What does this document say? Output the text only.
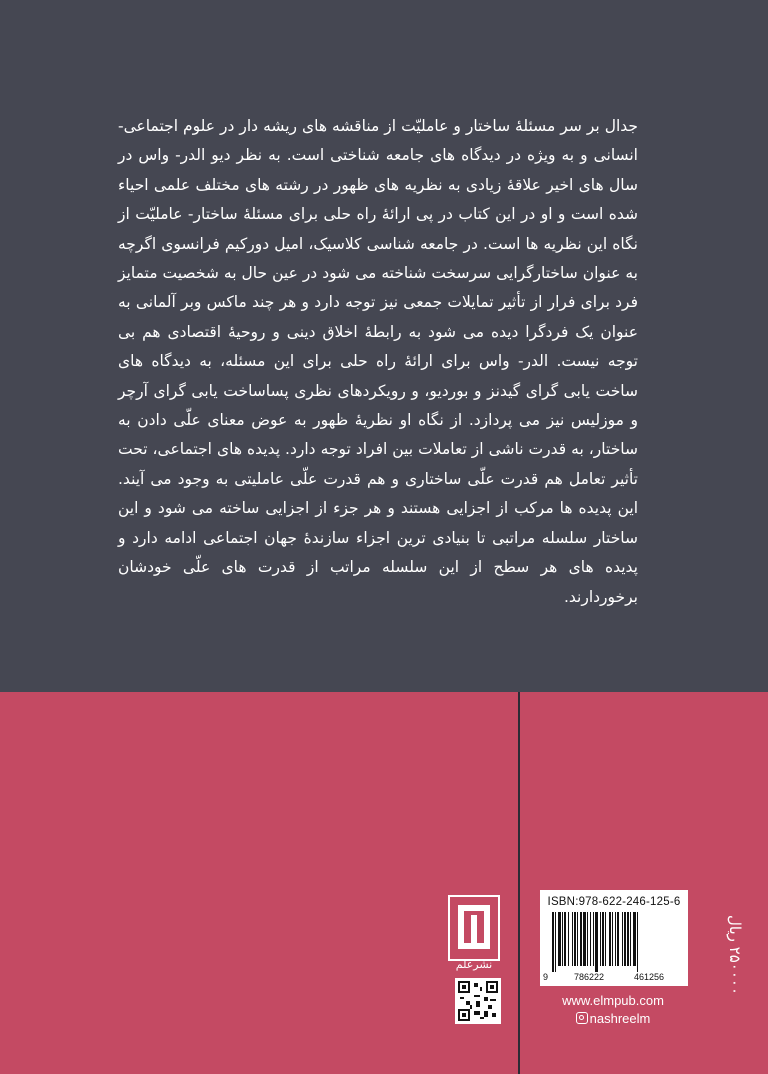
جدال بر سر مسئلهٔ ساختار و عاملیّت از مناقشه های ریشه دار در علوم اجتماعی- انسانی و به ویژه در دیدگاه های جامعه شناختی است. به نظر دیو الدر- واس در سال های اخیر علاقهٔ زیادی به نظریه های ظهور در رشته های مختلف علمی احیاء شده است و او در این کتاب در پی ارائهٔ راه حلی برای مسئلهٔ ساختار- عاملیّت از نگاه این نظریه ها است. در جامعه شناسی کلاسیک، امیل دورکیم فرانسوی اگرچه به عنوان ساختارگرایی سرسخت شناخته می شود در عین حال به شخصیت متمایز فرد برای فرار از تأثیر تمایلات جمعی نیز توجه دارد و هر چند ماکس وبر آلمانی به عنوان یک فردگرا دیده می شود به رابطهٔ اخلاق دینی و روحیهٔ اقتصادی هم بی توجه نیست. الدر- واس برای ارائهٔ راه حلی برای این مسئله، به دیدگاه های ساخت یابی گرای گیدنز و بوردیو، و رویکردهای نظری پساساخت یابی گرای آرچر و موزلیس نیز می پردازد. از نگاه او نظریهٔ ظهور به عوض معنای علّی دادن به ساختار، به قدرت ناشی از تعاملات بین افراد توجه دارد. پدیده های اجتماعی، تحت تأثیر تعامل هم قدرت علّی ساختاری و هم قدرت علّی عاملیتی به وجود می آیند. این پدیده ها مرکب از اجزایی هستند و هر جزء از اجزایی ساخته می شود و این ساختار سلسله مراتبی تا بنیادی ترین اجزاء سازندهٔ جهان اجتماعی ادامه دارد و پدیده های هر سطح از این سلسله مراتب از قدرت های علّی خودشان برخوردارند.

نشرعلم

ISBN:978-622-246-125-6

9	786222	461256

www.elmpub.com

nashreelm

۲۵۰۰۰۰ ریال
